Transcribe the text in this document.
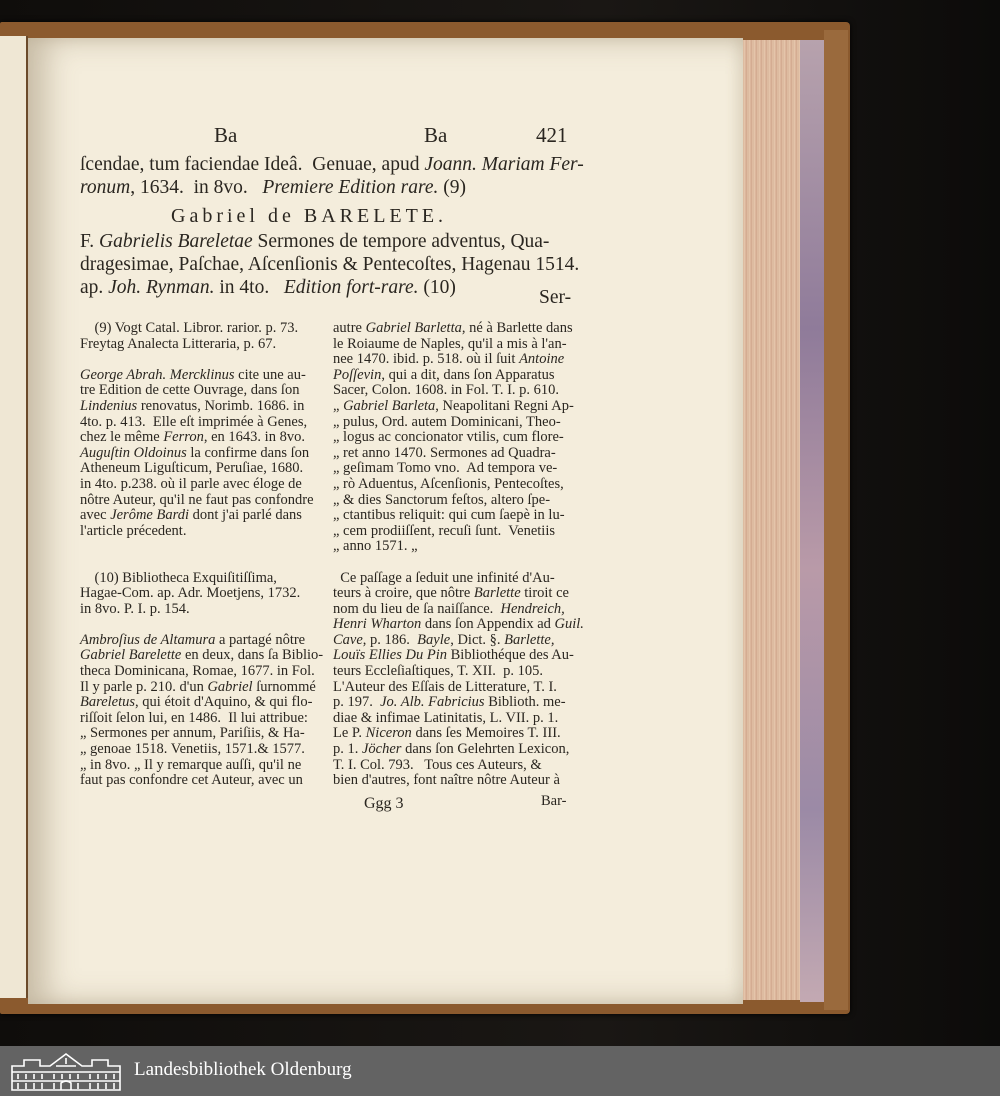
Ba	Ba	421
ſcendae, tum faciendae Ideâ.  Genuae, apud Joann. Mariam Fer-
ronum, 1634.  in 8vo.   Premiere Edition rare. (9)
Gabriel de BARELETE.
F. Gabrielis Bareletae Sermones de tempore adventus, Qua-
dragesimae, Paſchae, Aſcenſionis & Pentecoſtes, Hagenau 1514.
ap. Joh. Rynman. in 4to.   Edition fort-rare. (10)	Ser-
(9) Vogt Catal. Libror. rarior. p. 73.
Freytag Analecta Litteraria, p. 67.
George Abrah. Mercklinus cite une au-
tre Edition de cette Ouvrage, dans ſon
Lindenius renovatus, Norimb. 1686. in
4to. p. 413.  Elle eſt imprimée à Genes,
chez le même Ferron, en 1643. in 8vo.
Auguſtin Oldoinus la confirme dans ſon
Atheneum Liguſticum, Peruſiae, 1680.
in 4to. p.238. où il parle avec éloge de
nôtre Auteur, qu'il ne faut pas confondre
avec Jerôme Bardi dont j'ai parlé dans
l'article précedent.
(10) Bibliotheca Exquiſitiſſima,
Hagae-Com. ap. Adr. Moetjens, 1732.
in 8vo. P. I. p. 154.
Ambroſius de Altamura a partagé nôtre
Gabriel Barelette en deux, dans ſa Biblio-
theca Dominicana, Romae, 1677. in Fol.
Il y parle p. 210. d'un Gabriel ſurnommé
Bareletus, qui étoit d'Aquino, & qui flo-
riſſoit ſelon lui, en 1486.  Il lui attribue:
„ Sermones per annum, Pariſiis, & Ha-
„ genoae 1518. Venetiis, 1571.& 1577.
„ in 8vo. „ Il y remarque auſſi, qu'il ne
faut pas confondre cet Auteur, avec un
autre Gabriel Barletta, né à Barlette dans
le Roiaume de Naples, qu'il a mis à l'an-
nee 1470. ibid. p. 518. où il ſuit Antoine
Poſſevin, qui a dit, dans ſon Apparatus
Sacer, Colon. 1608. in Fol. T. I. p. 610.
„ Gabriel Barleta, Neapolitani Regni Ap-
„ pulus, Ord. autem Dominicani, Theo-
„ logus ac concionator vtilis, cum flore-
„ ret anno 1470. Sermones ad Quadra-
„ geſimam Tomo vno.  Ad tempora ve-
„ rò Aduentus, Aſcenſionis, Pentecoſtes,
„ & dies Sanctorum feſtos, altero ſpe-
„ ctantibus reliquit: qui cum ſaepè in lu-
„ cem prodiiſſent, recuſi ſunt.  Venetiis
„ anno 1571. „
Ce paſſage a ſeduit une infinité d'Au-
teurs à croire, que nôtre Barlette tiroit ce
nom du lieu de ſa naiſſance.  Hendreich,
Henri Wharton dans ſon Appendix ad Guil.
Cave, p. 186.  Bayle, Dict. §. Barlette,
Louïs Ellies Du Pin Bibliothéque des Au-
teurs Eccleſiaſtiques, T. XII.  p. 105.
L'Auteur des Eſſais de Litterature, T. I.
p. 197.  Jo. Alb. Fabricius Biblioth. me-
diae & infimae Latinitatis, L. VII. p. 1.
Le P. Niceron dans ſes Memoires T. III.
p. 1. Jöcher dans ſon Gelehrten Lexicon,
T. I. Col. 793.   Tous ces Auteurs, &
bien d'autres, font naître nôtre Auteur à
Ggg 3	Bar-
Landesbibliothek Oldenburg
